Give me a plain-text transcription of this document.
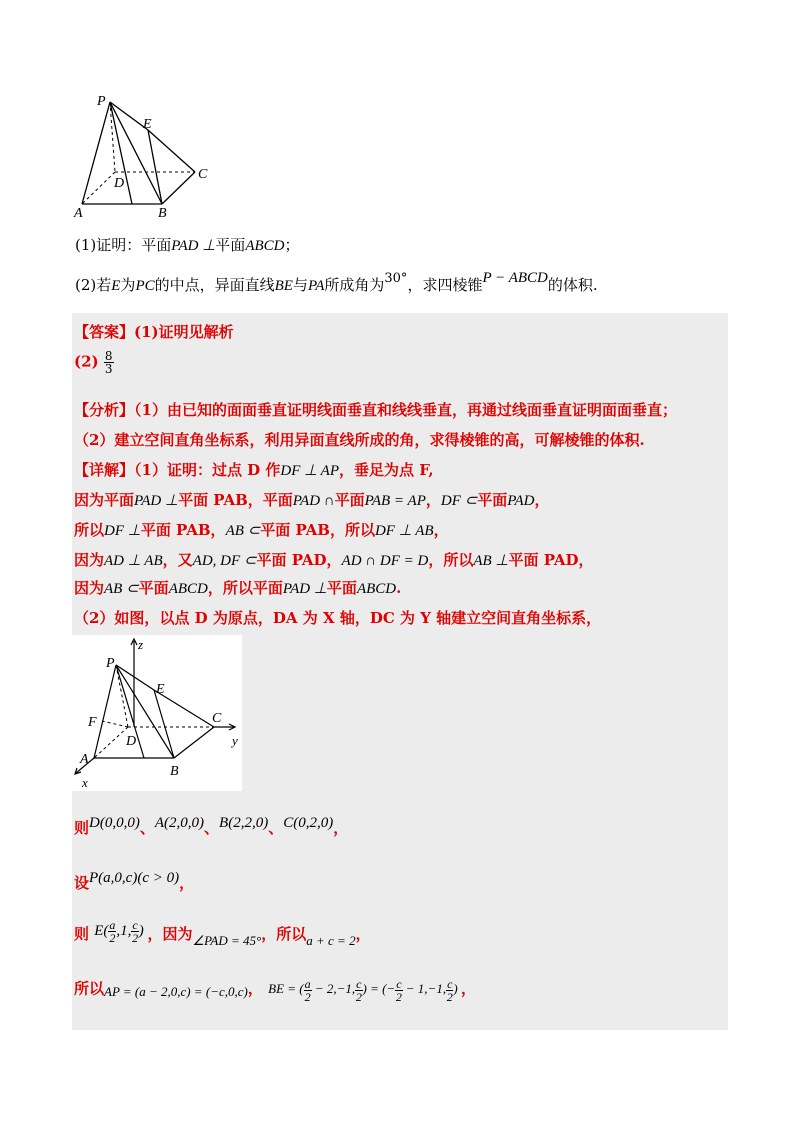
P
E
D
C
A	B
(1)证明：平面PAD ⊥平面ABCD；
(2)若E为PC的中点，异面直线BE与PA所成角为30°，求四棱锥P − ABCD的体积.
【答案】(1)证明见解析
$(2) \frac{8}{3}$
【分析】（1）由已知的面面垂直证明线面垂直和线线垂直，再通过线面垂直证明面面垂直；
（2）建立空间直角坐标系，利用异面直线所成的角，求得棱锥的高，可解棱锥的体积.
【详解】（1）证明：过点 D 作DF ⊥ AP，垂足为点 F,
因为平面PAD ⊥平面 PAB，平面PAD ∩平面PAB = AP，DF ⊂平面PAD，
所以DF ⊥平面 PAB，AB ⊂平面 PAB，所以DF ⊥ AB，
因为AD ⊥ AB，又AD, DF ⊂平面 PAD，AD ∩ DF = D，所以AB ⊥平面 PAD，
因为AB ⊂平面ABCD，所以平面PAD ⊥平面ABCD.
（2）如图，以点 D 为原点，DA 为 X 轴，DC 为 Y 轴建立空间直角坐标系，
z
P
E
F
D
C
y
A
B
x
则D(0,0,0)、A(2,0,0)、B(2,2,0)、C(0,2,0)，
设P(a,0,c)(c > 0)，
则 $E( \frac{a}{2} ,1$, $\frac{c}{2}$ ) ，因为∠PAD = 45°，所以a + c = 2，
所以AP = (a − 2,0,c) = (−c,0,c)， BE = ( $\frac{a}{2} - 2,-1$, $\frac{c}{2}$ ) = (− $\frac{c}{2} - 1,-1$, $\frac{c}{2}$ ) ，
